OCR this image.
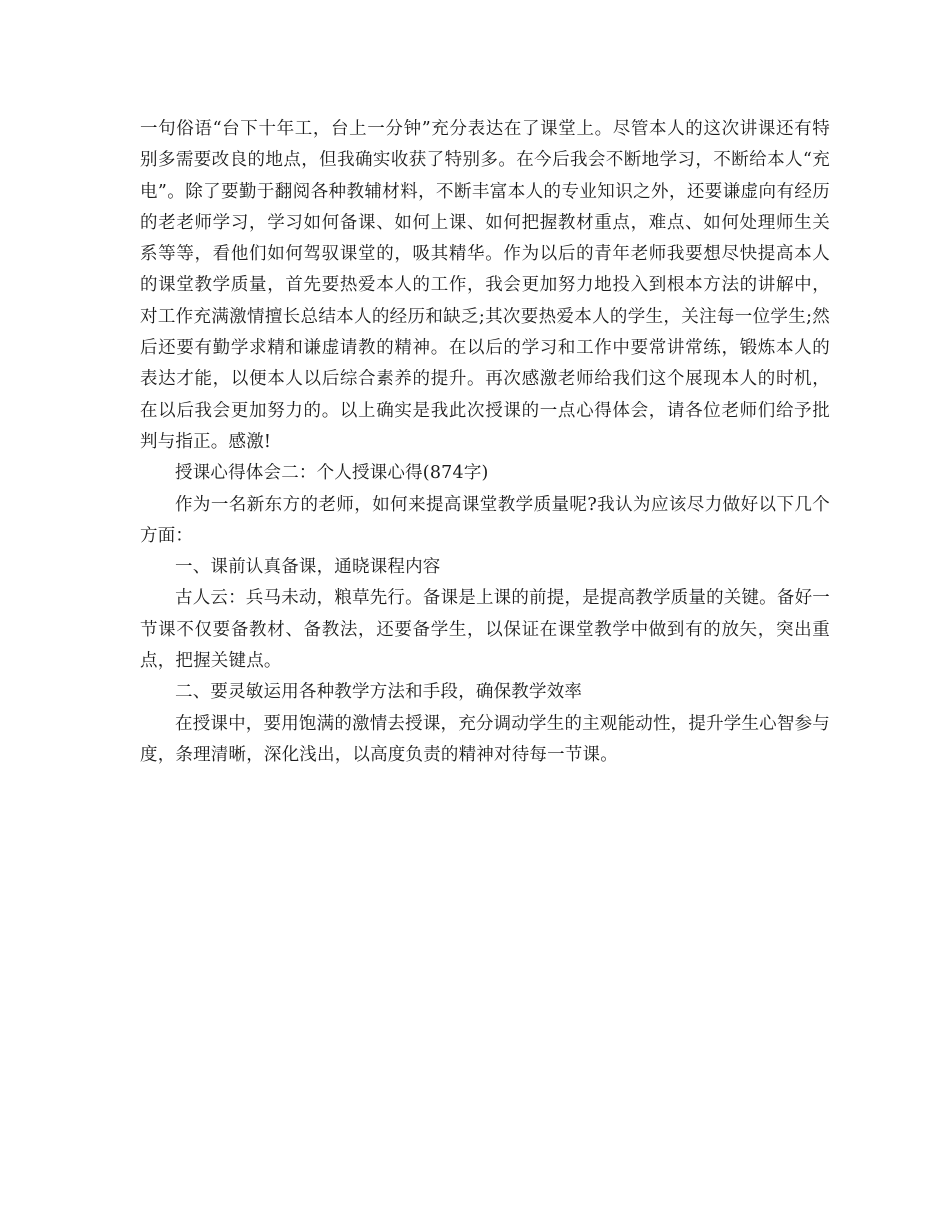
一句俗语“台下十年工，台上一分钟”充分表达在了课堂上。尽管本人的这次讲课还有特别多需要改良的地点，但我确实收获了特别多。在今后我会不断地学习，不断给本人“充电”。除了要勤于翻阅各种教辅材料，不断丰富本人的专业知识之外，还要谦虚向有经历的老老师学习，学习如何备课、如何上课、如何把握教材重点，难点、如何处理师生关系等等，看他们如何驾驭课堂的，吸其精华。作为以后的青年老师我要想尽快提高本人的课堂教学质量，首先要热爱本人的工作，我会更加努力地投入到根本方法的讲解中，对工作充满激情擅长总结本人的经历和缺乏;其次要热爱本人的学生，关注每一位学生;然后还要有勤学求精和谦虚请教的精神。在以后的学习和工作中要常讲常练，锻炼本人的表达才能，以便本人以后综合素养的提升。再次感激老师给我们这个展现本人的时机，在以后我会更加努力的。以上确实是我此次授课的一点心得体会，请各位老师们给予批判与指正。感激!

授课心得体会二：个人授课心得(874字)

作为一名新东方的老师，如何来提高课堂教学质量呢?我认为应该尽力做好以下几个方面：

一、课前认真备课，通晓课程内容

古人云：兵马未动，粮草先行。备课是上课的前提，是提高教学质量的关键。备好一节课不仅要备教材、备教法，还要备学生，以保证在课堂教学中做到有的放矢，突出重点，把握关键点。

二、要灵敏运用各种教学方法和手段，确保教学效率

在授课中，要用饱满的激情去授课，充分调动学生的主观能动性，提升学生心智参与度，条理清晰，深化浅出，以高度负责的精神对待每一节课。
